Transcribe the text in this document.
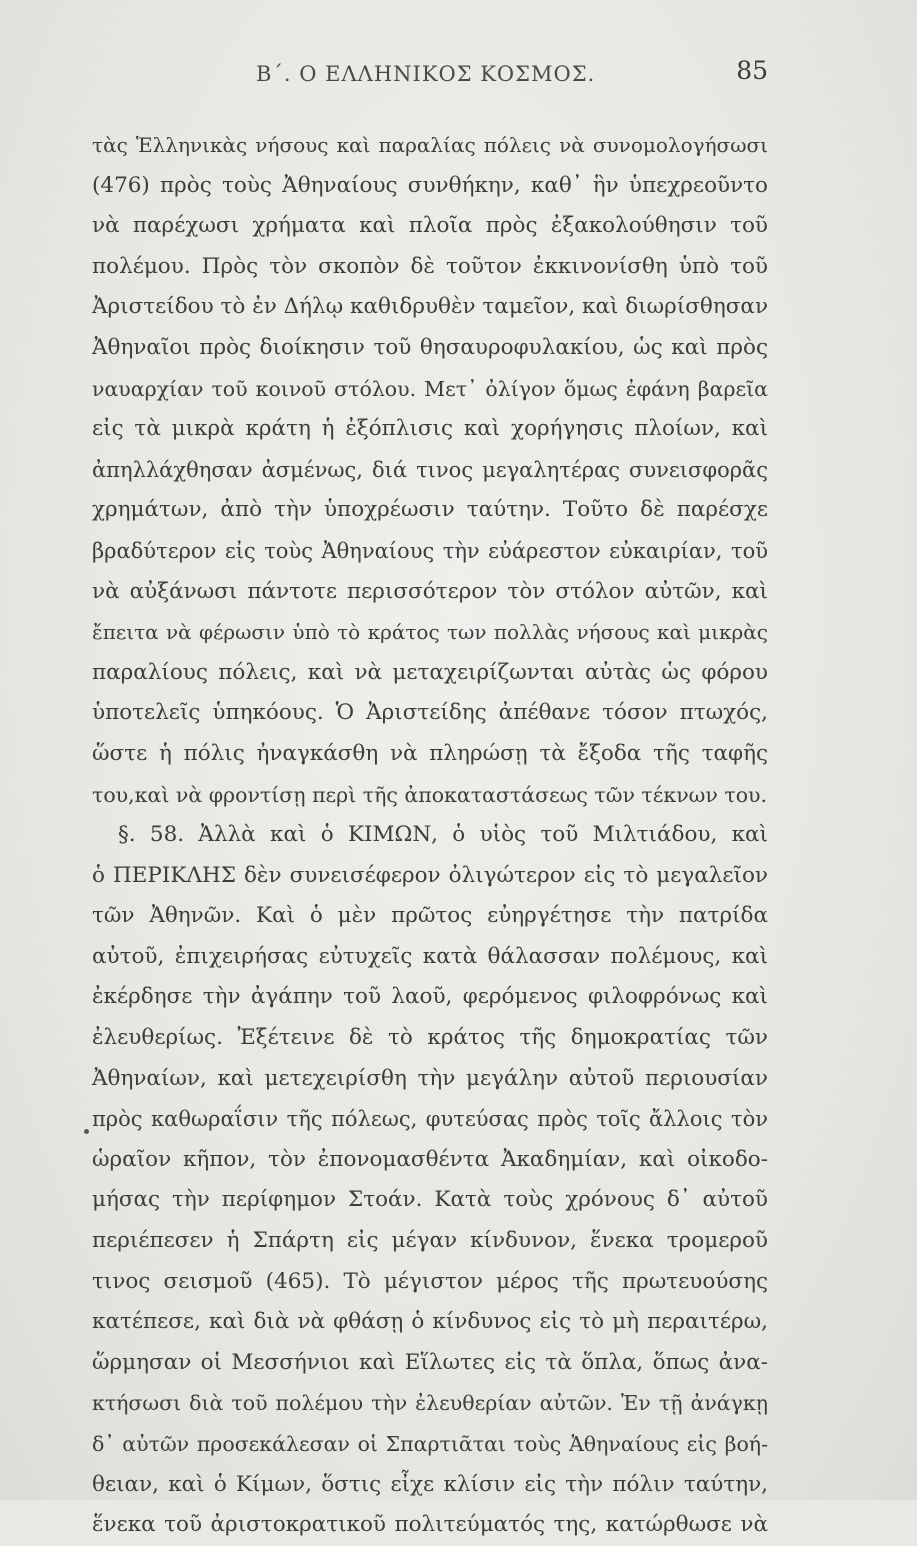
Β΄. Ο ΕΛΛΗΝΙΚΟΣ ΚΟΣΜΟΣ.	85
τὰς Ἑλληνικὰς νήσους καὶ παραλίας πόλεις νὰ συνομολογήσωσι
(476) πρὸς τοὺς Ἀθηναίους συνθήκην, καθ᾽ ἣν ὑπεχρεοῦντο
νὰ παρέχωσι χρήματα καὶ πλοῖα πρὸς ἐξακολούθησιν τοῦ
πολέμου. Πρὸς τὸν σκοπὸν δὲ τοῦτον ἐκκινονίσθη ὑπὸ τοῦ
Ἀριστείδου τὸ ἐν Δήλῳ καθιδρυθὲν ταμεῖον, καὶ διωρίσθησαν
Ἀθηναῖοι πρὸς διοίκησιν τοῦ θησαυροφυλακίου, ὡς καὶ πρὸς
ναυαρχίαν τοῦ κοινοῦ στόλου. Μετ᾽ ὀλίγον ὅμως ἐφάνη βαρεῖα
εἰς τὰ μικρὰ κράτη ἡ ἐξόπλισις καὶ χορήγησις πλοίων, καὶ
ἀπηλλάχθησαν ἀσμένως, διά τινος μεγαλητέρας συνεισφορᾶς
χρημάτων, ἀπὸ τὴν ὑποχρέωσιν ταύτην. Τοῦτο δὲ παρέσχε
βραδύτερον εἰς τοὺς Ἀθηναίους τὴν εὐάρεστον εὐκαιρίαν, τοῦ
νὰ αὐξάνωσι πάντοτε περισσότερον τὸν στόλον αὐτῶν, καὶ
ἔπειτα νὰ φέρωσιν ὑπὸ τὸ κράτος των πολλὰς νήσους καὶ μικρὰς
παραλίους πόλεις, καὶ νὰ μεταχειρίζωνται αὐτὰς ὡς φόρου
ὑποτελεῖς ὑπηκόους. Ὁ Ἀριστείδης ἀπέθανε τόσον πτωχός,
ὥστε ἡ πόλις ἠναγκάσθη νὰ πληρώσῃ τὰ ἔξοδα τῆς ταφῆς
του,καὶ νὰ φροντίσῃ περὶ τῆς ἀποκαταστάσεως τῶν τέκνων του.
§. 58. Ἀλλὰ καὶ ὁ ΚΙΜΩΝ, ὁ υἱὸς τοῦ Μιλτιάδου, καὶ
ὁ ΠΕΡΙΚΛΗΣ δὲν συνεισέφερον ὀλιγώτερον εἰς τὸ μεγαλεῖον
τῶν Ἀθηνῶν. Καὶ ὁ μὲν πρῶτος εὐηργέτησε τὴν πατρίδα
αὐτοῦ, ἐπιχειρήσας εὐτυχεῖς κατὰ θάλασσαν πολέμους, καὶ
ἐκέρδησε τὴν ἀγάπην τοῦ λαοῦ, φερόμενος φιλοφρόνως καὶ
ἐλευθερίως. Ἐξέτεινε δὲ τὸ κράτος τῆς δημοκρατίας τῶν
Ἀθηναίων, καὶ μετεχειρίσθη τὴν μεγάλην αὐτοῦ περιουσίαν
πρὸς καθωραΐσιν τῆς πόλεως, φυτεύσας πρὸς τοῖς ἄλλοις τὸν
ὡραῖον κῆπον, τὸν ἐπονομασθέντα Ἀκαδημίαν, καὶ οἰκοδο-
μήσας τὴν περίφημον Στοάν. Κατὰ τοὺς χρόνους δ᾽ αὐτοῦ
περιέπεσεν ἡ Σπάρτη εἰς μέγαν κίνδυνον, ἕνεκα τρομεροῦ
τινος σεισμοῦ (465). Τὸ μέγιστον μέρος τῆς πρωτευούσης
κατέπεσε, καὶ διὰ νὰ φθάσῃ ὁ κίνδυνος εἰς τὸ μὴ περαιτέρω,
ὥρμησαν οἱ Μεσσήνιοι καὶ Εἵλωτες εἰς τὰ ὅπλα, ὅπως ἀνα-
κτήσωσι διὰ τοῦ πολέμου τὴν ἐλευθερίαν αὐτῶν. Ἐν τῇ ἀνάγκῃ
δ᾽ αὐτῶν προσεκάλεσαν οἱ Σπαρτιᾶται τοὺς Ἀθηναίους εἰς βοή-
θειαν, καὶ ὁ Κίμων, ὅστις εἶχε κλίσιν εἰς τὴν πόλιν ταύτην,
ἕνεκα τοῦ ἀριστοκρατικοῦ πολιτεύματός της, κατώρθωσε νὰ
